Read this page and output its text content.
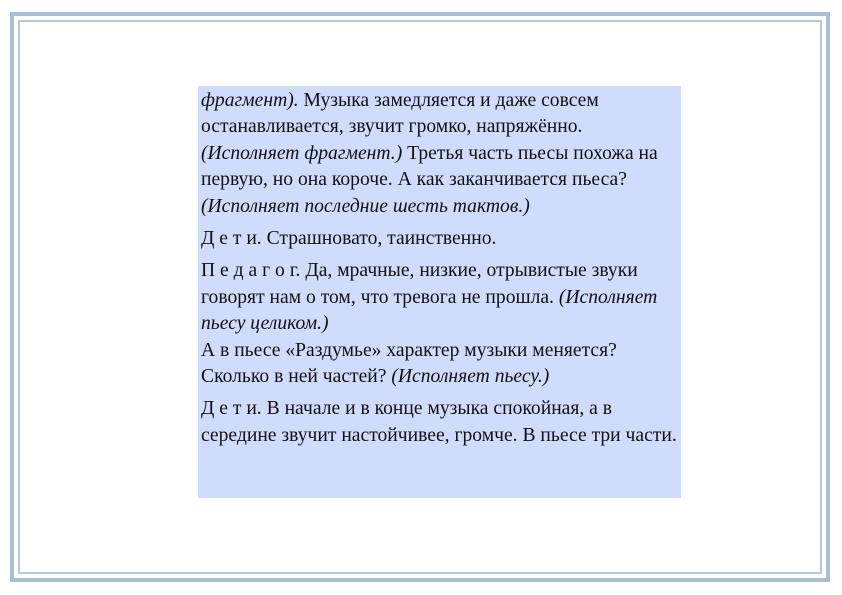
фрагмент). Музыка замедляется и даже совсем останавливается, звучит громко, напряжённо. (Исполняет фрагмент.) Третья часть пьесы похожа на первую, но она короче. А как заканчивается пьеса? (Исполняет последние шесть тактов.)

Д е т и. Страшновато, таинственно.

П е д а г о г. Да, мрачные, низкие, отрывистые звуки говорят нам о том, что тревога не прошла. (Исполняет пьесу целиком.)

А в пьесе «Раздумье» характер музыки меняется? Сколько в ней частей? (Исполняет пьесу.)

Д е т и. В начале и в конце музыка спокойная, а в середине звучит настойчивее, громче. В пьесе три части.
